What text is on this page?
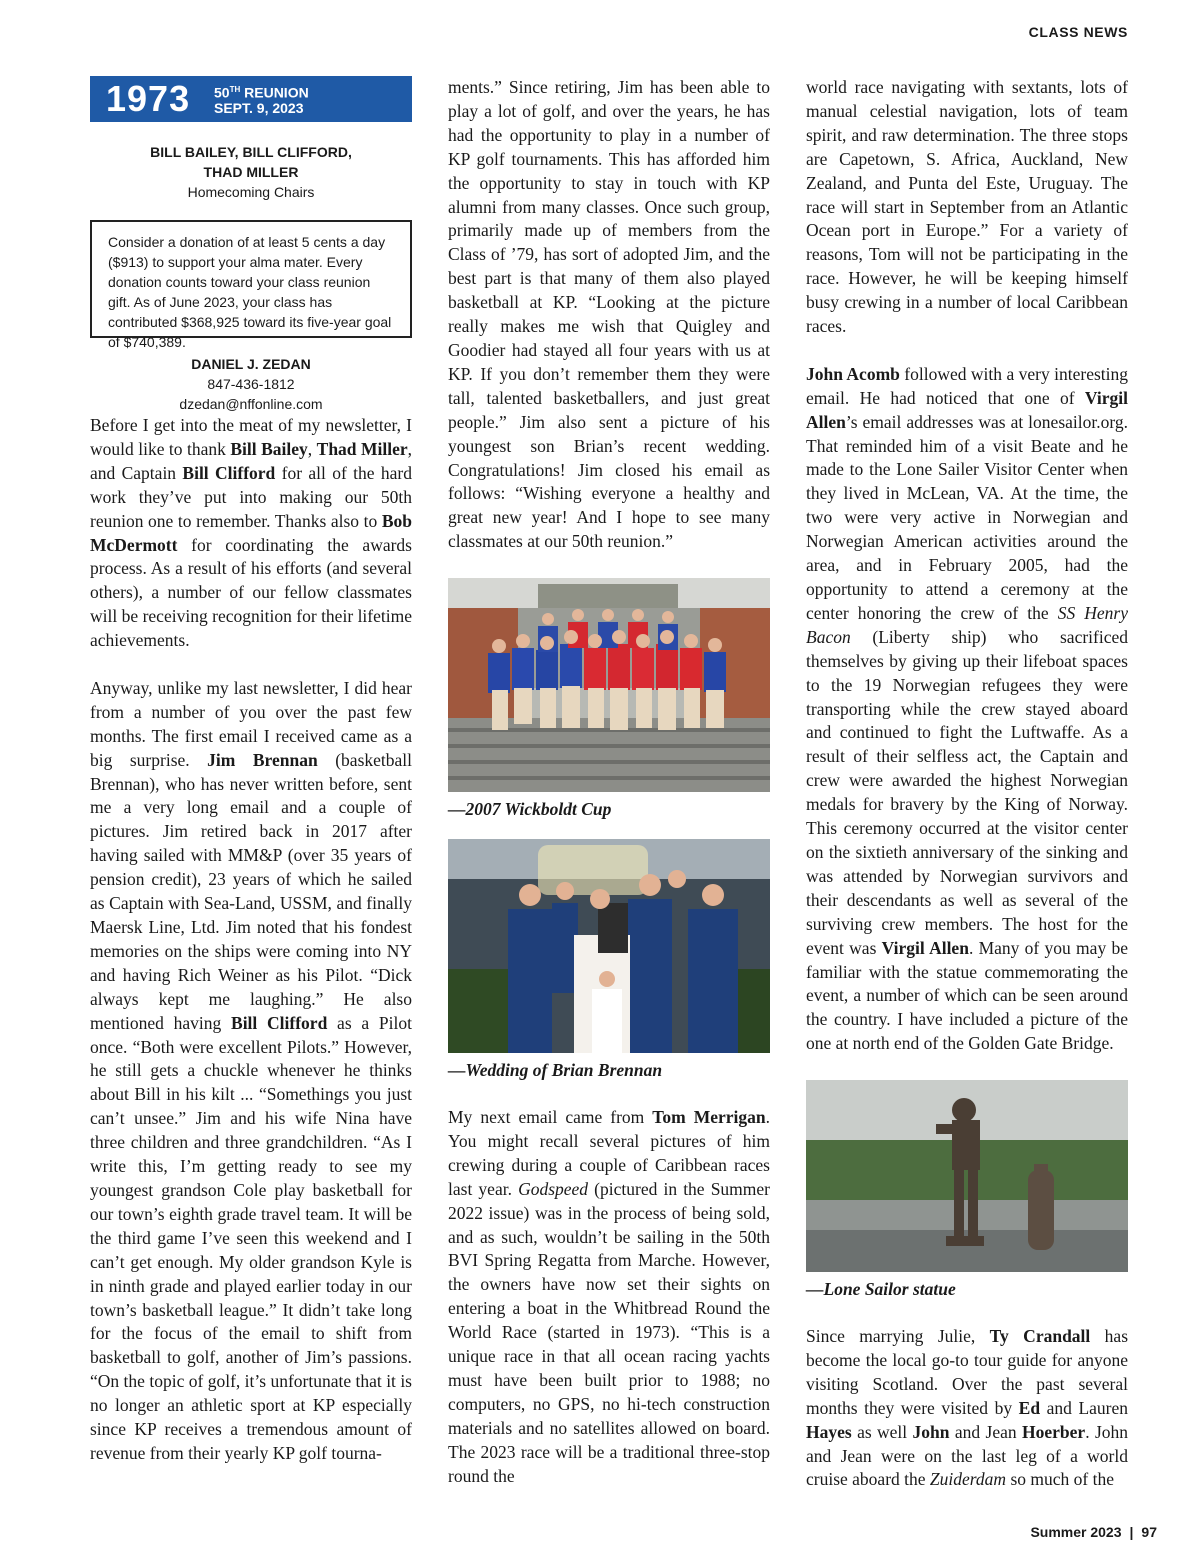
CLASS NEWS
1973	50TH REUNION
SEPT. 9, 2023
BILL BAILEY, BILL CLIFFORD,
THAD MILLER
Homecoming Chairs
Consider a donation of at least 5 cents a day ($913) to support your alma mater. Every donation counts toward your class reunion gift. As of June 2023, your class has contributed $368,925 toward its five-year goal of $740,389.
DANIEL J. ZEDAN
847-436-1812
dzedan@nffonline.com

Before I get into the meat of my newsletter, I would like to thank Bill Bailey, Thad Miller, and Captain Bill Clifford for all of the hard work they’ve put into making our 50th reunion one to remember. Thanks also to Bob McDermott for coordinating the awards process. As a result of his efforts (and several others), a number of our fellow classmates will be receiving recognition for their lifetime achievements.

Anyway, unlike my last newsletter, I did hear from a number of you over the past few months. The first email I received came as a big surprise. Jim Brennan (basketball Brennan), who has never written before, sent me a very long email and a couple of pictures. Jim retired back in 2017 after having sailed with MM&P (over 35 years of pension credit), 23 years of which he sailed as Captain with Sea-Land, USSM, and finally Maersk Line, Ltd. Jim noted that his fondest memories on the ships were coming into NY and having Rich Weiner as his Pilot. “Dick always kept me laughing.” He also mentioned having Bill Clifford as a Pilot once. “Both were excellent Pilots.” However, he still gets a chuckle whenever he thinks about Bill in his kilt ... “Somethings you just can’t unsee.” Jim and his wife Nina have three children and three grandchildren. “As I write this, I’m getting ready to see my youngest grandson Cole play basketball for our town’s eighth grade travel team. It will be the third game I’ve seen this weekend and I can’t get enough. My older grandson Kyle is in ninth grade and played earlier today in our town’s basketball league.” It didn’t take long for the focus of the email to shift from basketball to golf, another of Jim’s passions. “On the topic of golf, it’s unfortunate that it is no longer an athletic sport at KP especially since KP receives a tremendous amount of revenue from their yearly KP golf tourna-

ments.” Since retiring, Jim has been able to play a lot of golf, and over the years, he has had the opportunity to play in a number of KP golf tournaments. This has afforded him the opportunity to stay in touch with KP alumni from many classes. Once such group, primarily made up of members from the Class of ’79, has sort of adopted Jim, and the best part is that many of them also played basketball at KP. “Looking at the picture really makes me wish that Quigley and Goodier had stayed all four years with us at KP. If you don’t remember them they were tall, talented basketballers, and just great people.” Jim also sent a picture of his youngest son Brian’s recent wedding. Congratulations! Jim closed his email as follows: “Wishing everyone a healthy and great new year! And I hope to see many classmates at our 50th reunion.”

—2007 Wickboldt Cup

—Wedding of Brian Brennan

My next email came from Tom Merrigan. You might recall several pictures of him crewing during a couple of Caribbean races last year. Godspeed (pictured in the Summer 2022 issue) was in the process of being sold, and as such, wouldn’t be sailing in the 50th BVI Spring Regatta from Marche. However, the owners have now set their sights on entering a boat in the Whitbread Round the World Race (started in 1973). “This is a unique race in that all ocean racing yachts must have been built prior to 1988; no computers, no GPS, no hi-tech construction materials and no satellites allowed on board. The 2023 race will be a traditional three-stop round the

world race navigating with sextants, lots of manual celestial navigation, lots of team spirit, and raw determination. The three stops are Capetown, S. Africa, Auckland, New Zealand, and Punta del Este, Uruguay. The race will start in September from an Atlantic Ocean port in Europe.” For a variety of reasons, Tom will not be participating in the race. However, he will be keeping himself busy crewing in a number of local Caribbean races.

John Acomb followed with a very interesting email. He had noticed that one of Virgil Allen’s email addresses was at lonesailor.org. That reminded him of a visit Beate and he made to the Lone Sailer Visitor Center when they lived in McLean, VA. At the time, the two were very active in Norwegian and Norwegian American activities around the area, and in February 2005, had the opportunity to attend a ceremony at the center honoring the crew of the SS Henry Bacon (Liberty ship) who sacrificed themselves by giving up their lifeboat spaces to the 19 Norwegian refugees they were transporting while the crew stayed aboard and continued to fight the Luftwaffe. As a result of their selfless act, the Captain and crew were awarded the highest Norwegian medals for bravery by the King of Norway. This ceremony occurred at the visitor center on the sixtieth anniversary of the sinking and was attended by Norwegian survivors and their descendants as well as several of the surviving crew members. The host for the event was Virgil Allen. Many of you may be familiar with the statue commemorating the event, a number of which can be seen around the country. I have included a picture of the one at north end of the Golden Gate Bridge.

—Lone Sailor statue

Since marrying Julie, Ty Crandall has become the local go-to tour guide for anyone visiting Scotland. Over the past several months they were visited by Ed and Lauren Hayes as well John and Jean Hoerber. John and Jean were on the last leg of a world cruise aboard the Zuiderdam so much of the

Summer 2023 | 97
